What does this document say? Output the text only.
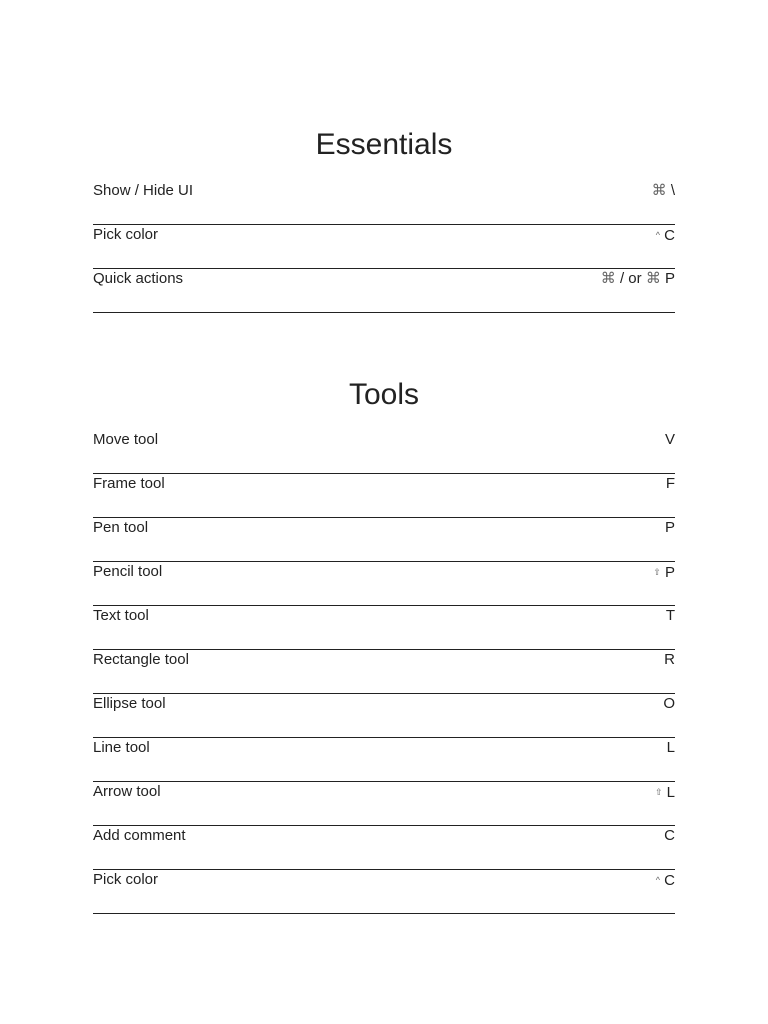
Essentials
Show / Hide UI	⌘ \
Pick color	^ C
Quick actions	⌘ / or ⌘ P
Tools
Move tool	V
Frame tool	F
Pen tool	P
Pencil tool	⇧ P
Text tool	T
Rectangle tool	R
Ellipse tool	O
Line tool	L
Arrow tool	⇧ L
Add comment	C
Pick color	^ C
